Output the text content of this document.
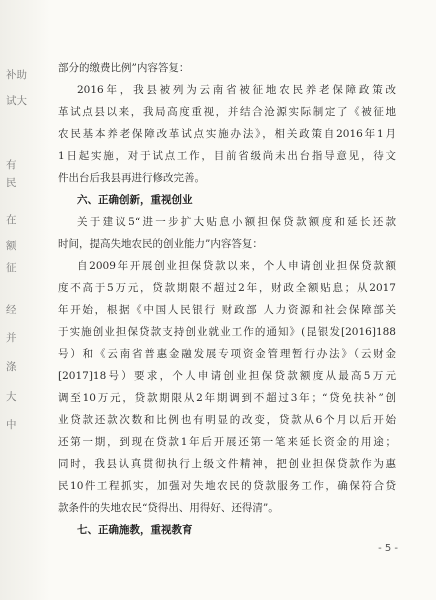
补助
试大
有
民
在
额
征
经
并
涤
大
中
部分的缴费比例”内容答复：
2016年，我县被列为云南省被征地农民养老保障政策改
革试点县以来，我局高度重视，并结合沧源实际制定了《被征地
农民基本养老保障改革试点实施办法》，相关政策自2016年1月
1日起实施，对于试点工作，目前省级尚未出台指导意见，待文
件出台后我县再进行修改完善。
六、正确创新，重视创业
关于建议5“进一步扩大贴息小额担保贷款额度和延长还款
时间，提高失地农民的创业能力”内容答复：
自2009年开展创业担保贷款以来，个人申请创业担保贷款额
度不高于5万元，贷款期限不超过2年，财政全额贴息；从2017
年开始，根据《中国人民银行 财政部 人力资源和社会保障部关
于实施创业担保贷款支持创业就业工作的通知》(昆银发[2016]188
号）和《云南省普惠金融发展专项资金管理暂行办法》（云财金
[2017]18号）要求，个人申请创业担保贷款额度从最高5万元
调至10万元，贷款期限从2年期调到不超过3年；“贷免扶补”创
业贷款还款次数和比例也有明显的改变，贷款从6个月以后开始
还第一期，到现在贷款1年后开展还第一笔来延长资金的用途；
同时，我县认真贯彻执行上级文件精神，把创业担保贷款作为惠
民10件工程抓实，加强对失地农民的贷款服务工作，确保符合贷
款条件的失地农民“贷得出、用得好、还得清”。
七、正确施教，重视教育
- 5 -
